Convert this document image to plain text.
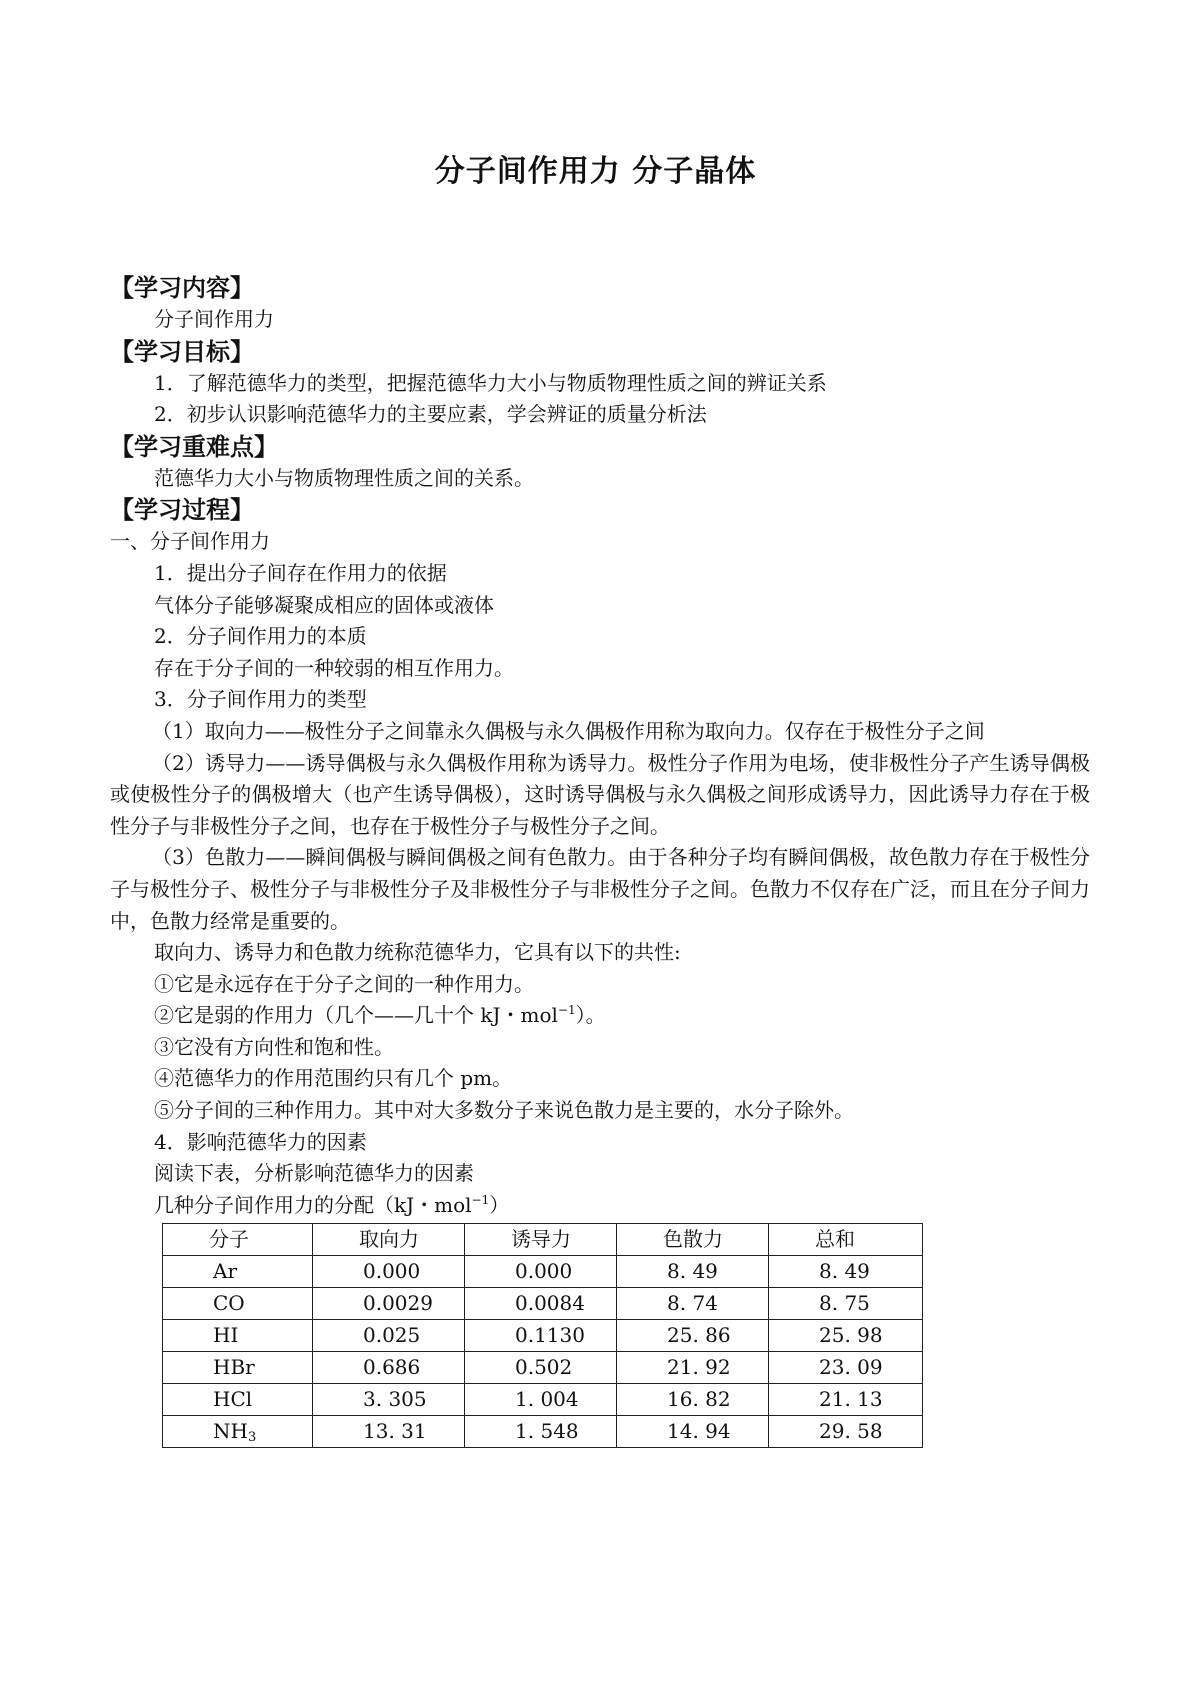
分子间作用力 分子晶体
【学习内容】
分子间作用力
【学习目标】
1．了解范德华力的类型，把握范德华力大小与物质物理性质之间的辨证关系
2．初步认识影响范德华力的主要应素，学会辨证的质量分析法
【学习重难点】
范德华力大小与物质物理性质之间的关系。
【学习过程】
一、分子间作用力
1．提出分子间存在作用力的依据
气体分子能够凝聚成相应的固体或液体
2．分子间作用力的本质
存在于分子间的一种较弱的相互作用力。
3．分子间作用力的类型
（1）取向力——极性分子之间靠永久偶极与永久偶极作用称为取向力。仅存在于极性分子之间
（2）诱导力——诱导偶极与永久偶极作用称为诱导力。极性分子作用为电场，使非极性分子产生诱导偶极或使极性分子的偶极增大（也产生诱导偶极），这时诱导偶极与永久偶极之间形成诱导力，因此诱导力存在于极性分子与非极性分子之间，也存在于极性分子与极性分子之间。
（3）色散力——瞬间偶极与瞬间偶极之间有色散力。由于各种分子均有瞬间偶极，故色散力存在于极性分子与极性分子、极性分子与非极性分子及非极性分子与非极性分子之间。色散力不仅存在广泛，而且在分子间力中，色散力经常是重要的。
取向力、诱导力和色散力统称范德华力，它具有以下的共性:
①它是永远存在于分子之间的一种作用力。
②它是弱的作用力（几个——几十个 kJ・mol$^{-1}$）。
③它没有方向性和饱和性。
④范德华力的作用范围约只有几个 pm。
⑤分子间的三种作用力。其中对大多数分子来说色散力是主要的，水分子除外。
4．影响范德华力的因素
阅读下表，分析影响范德华力的因素
几种分子间作用力的分配（kJ・mol$^{-1}$）
分子	取向力	诱导力	色散力	总和
Ar	0.000	0.000	8. 49	8. 49
CO	0.0029	0.0084	8. 74	8. 75
HI	0.025	0.1130	25. 86	25. 98
HBr	0.686	0.502	21. 92	23. 09
HCl	3. 305	1. 004	16. 82	21. 13
$NH_3$	13. 31	1. 548	14. 94	29. 58
